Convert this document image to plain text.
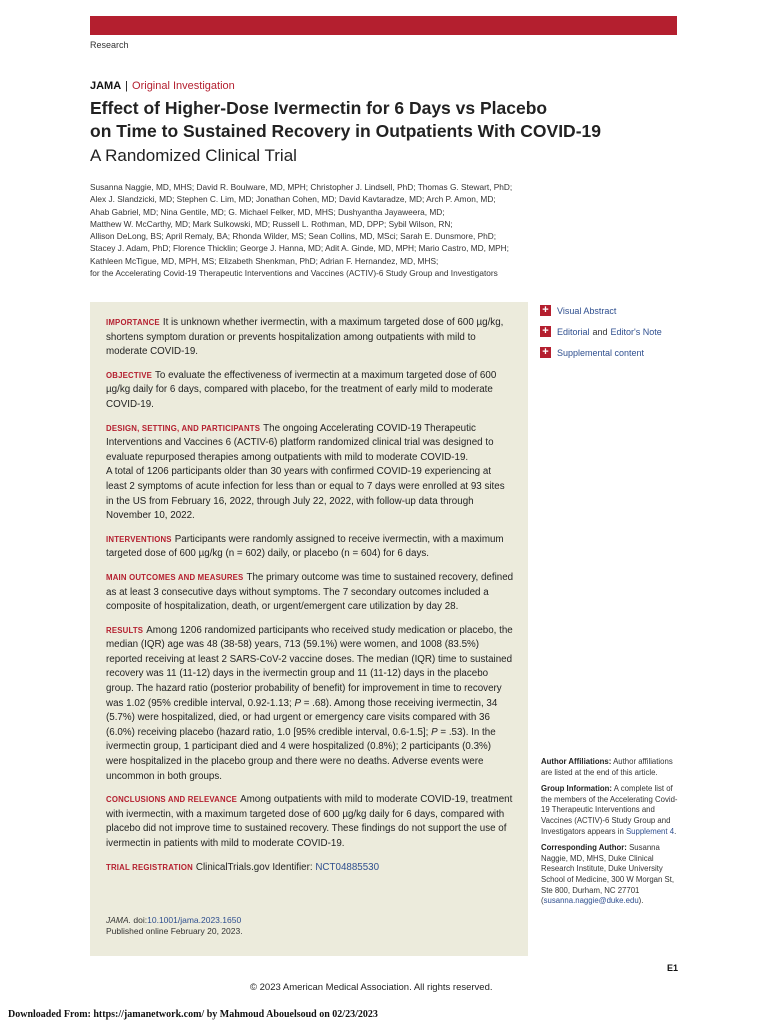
Research
JAMA | Original Investigation
Effect of Higher-Dose Ivermectin for 6 Days vs Placebo
on Time to Sustained Recovery in Outpatients With COVID-19
A Randomized Clinical Trial
Susanna Naggie, MD, MHS; David R. Boulware, MD, MPH; Christopher J. Lindsell, PhD; Thomas G. Stewart, PhD;
Alex J. Slandzicki, MD; Stephen C. Lim, MD; Jonathan Cohen, MD; David Kavtaradze, MD; Arch P. Amon, MD;
Ahab Gabriel, MD; Nina Gentile, MD; G. Michael Felker, MD, MHS; Dushyantha Jayaweera, MD;
Matthew W. McCarthy, MD; Mark Sulkowski, MD; Russell L. Rothman, MD, DPP; Sybil Wilson, RN;
Allison DeLong, BS; April Remaly, BA; Rhonda Wilder, MS; Sean Collins, MD, MSci; Sarah E. Dunsmore, PhD;
Stacey J. Adam, PhD; Florence Thicklin; George J. Hanna, MD; Adit A. Ginde, MD, MPH; Mario Castro, MD, MPH;
Kathleen McTigue, MD, MPH, MS; Elizabeth Shenkman, PhD; Adrian F. Hernandez, MD, MHS;
for the Accelerating Covid-19 Therapeutic Interventions and Vaccines (ACTIV)-6 Study Group and Investigators

IMPORTANCE It is unknown whether ivermectin, with a maximum targeted dose of 600 µg/kg, shortens symptom duration or prevents hospitalization among outpatients with mild to moderate COVID-19.

OBJECTIVE To evaluate the effectiveness of ivermectin at a maximum targeted dose of 600 µg/kg daily for 6 days, compared with placebo, for the treatment of early mild to moderate COVID-19.

DESIGN, SETTING, AND PARTICIPANTS The ongoing Accelerating COVID-19 Therapeutic Interventions and Vaccines 6 (ACTIV-6) platform randomized clinical trial was designed to evaluate repurposed therapies among outpatients with mild to moderate COVID-19.
A total of 1206 participants older than 30 years with confirmed COVID-19 experiencing at least 2 symptoms of acute infection for less than or equal to 7 days were enrolled at 93 sites in the US from February 16, 2022, through July 22, 2022, with follow-up data through November 10, 2022.

INTERVENTIONS Participants were randomly assigned to receive ivermectin, with a maximum targeted dose of 600 µg/kg (n = 602) daily, or placebo (n = 604) for 6 days.

MAIN OUTCOMES AND MEASURES The primary outcome was time to sustained recovery, defined as at least 3 consecutive days without symptoms. The 7 secondary outcomes included a composite of hospitalization, death, or urgent/emergent care utilization by day 28.

RESULTS Among 1206 randomized participants who received study medication or placebo, the median (IQR) age was 48 (38-58) years, 713 (59.1%) were women, and 1008 (83.5%) reported receiving at least 2 SARS-CoV-2 vaccine doses. The median (IQR) time to sustained recovery was 11 (11-12) days in the ivermectin group and 11 (11-12) days in the placebo group. The hazard ratio (posterior probability of benefit) for improvement in time to recovery was 1.02 (95% credible interval, 0.92-1.13; P = .68). Among those receiving ivermectin, 34 (5.7%) were hospitalized, died, or had urgent or emergency care visits compared with 36 (6.0%) receiving placebo (hazard ratio, 1.0 [95% credible interval, 0.6-1.5]; P = .53). In the ivermectin group, 1 participant died and 4 were hospitalized (0.8%); 2 participants (0.3%) were hospitalized in the placebo group and there were no deaths. Adverse events were uncommon in both groups.

CONCLUSIONS AND RELEVANCE Among outpatients with mild to moderate COVID-19, treatment with ivermectin, with a maximum targeted dose of 600 µg/kg daily for 6 days, compared with placebo did not improve time to sustained recovery. These findings do not support the use of ivermectin in patients with mild to moderate COVID-19.

TRIAL REGISTRATION ClinicalTrials.gov Identifier: NCT04885530

JAMA. doi:10.1001/jama.2023.1650
Published online February 20, 2023.
+ Visual Abstract
+ Editorial and Editor's Note
+ Supplemental content

Author Affiliations: Author affiliations are listed at the end of this article.

Group Information: A complete list of the members of the Accelerating Covid-19 Therapeutic Interventions and Vaccines (ACTIV)-6 Study Group and Investigators appears in Supplement 4.

Corresponding Author: Susanna Naggie, MD, MHS, Duke Clinical Research Institute, Duke University School of Medicine, 300 W Morgan St, Ste 800, Durham, NC 27701 (susanna.naggie@duke.edu).

E1
© 2023 American Medical Association. All rights reserved.
Downloaded From: https://jamanetwork.com/ by Mahmoud Abouelsoud on 02/23/2023
